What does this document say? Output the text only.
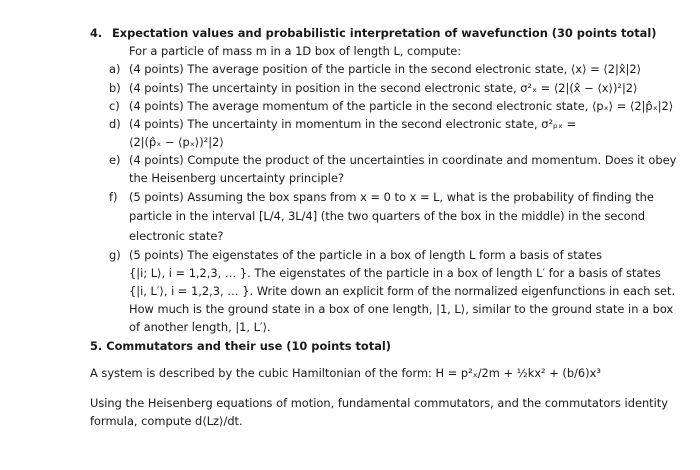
4. Expectation values and probabilistic interpretation of wavefunction (30 points total)
For a particle of mass m in a 1D box of length L, compute:
a) (4 points) The average position of the particle in the second electronic state, ⟨x⟩ = ⟨2|x̂|2⟩
b) (4 points) The uncertainty in position in the second electronic state, σ²ₓ = ⟨2|(x̂ − ⟨x⟩)²|2⟩
c) (4 points) The average momentum of the particle in the second electronic state, ⟨pₓ⟩ = ⟨2|p̂ₓ|2⟩
d) (4 points) The uncertainty in momentum in the second electronic state, σ²ₚₓ =
⟨2|(p̂ₓ − ⟨pₓ⟩)²|2⟩
e) (4 points) Compute the product of the uncertainties in coordinate and momentum. Does it obey
the Heisenberg uncertainty principle?
f) (5 points) Assuming the box spans from x = 0 to x = L, what is the probability of finding the
particle in the interval [L/4, 3L/4] (the two quarters of the box in the middle) in the second
electronic state?
g) (5 points) The eigenstates of the particle in a box of length L form a basis of states
{|i; L⟩, i = 1,2,3, … }. The eigenstates of the particle in a box of length L′ for a basis of states
{|i, L′⟩, i = 1,2,3, … }. Write down an explicit form of the normalized eigenfunctions in each set.
How much is the ground state in a box of one length, |1, L⟩, similar to the ground state in a box
of another length, |1, L′⟩.
5. Commutators and their use (10 points total)
A system is described by the cubic Hamiltonian of the form: H = p²ₓ/2m + ½kx² + (b/6)x³
Using the Heisenberg equations of motion, fundamental commutators, and the commutators identity
formula, compute d⟨Lz⟩/dt.
